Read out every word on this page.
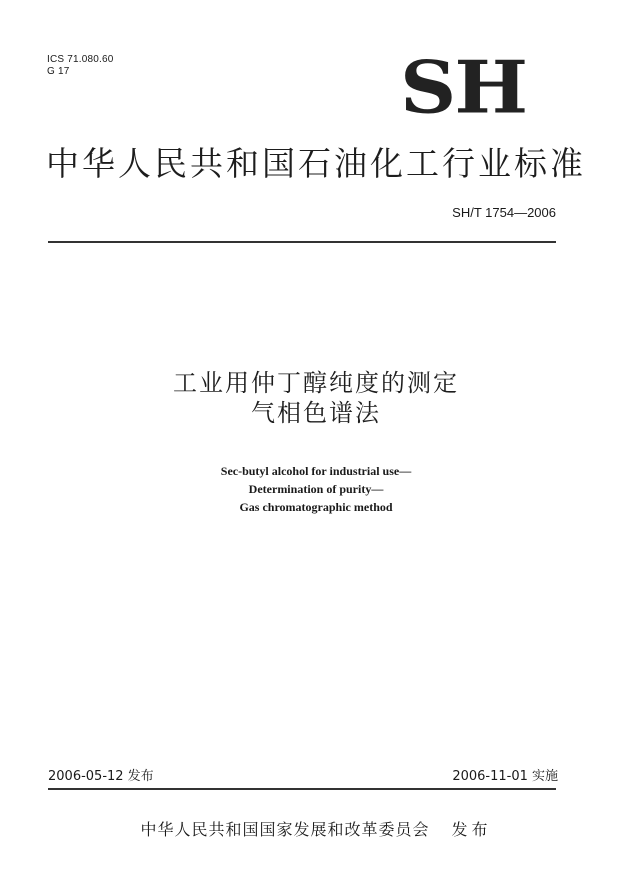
ICS 71.080.60
G 17	SH
中华人民共和国石油化工行业标准
SH/T 1754—2006
工业用仲丁醇纯度的测定
气相色谱法
Sec-butyl alcohol for industrial use—
Determination of purity—
Gas chromatographic method
2006-05-12 发布	2006-11-01 实施
中华人民共和国国家发展和改革委员会 发布
